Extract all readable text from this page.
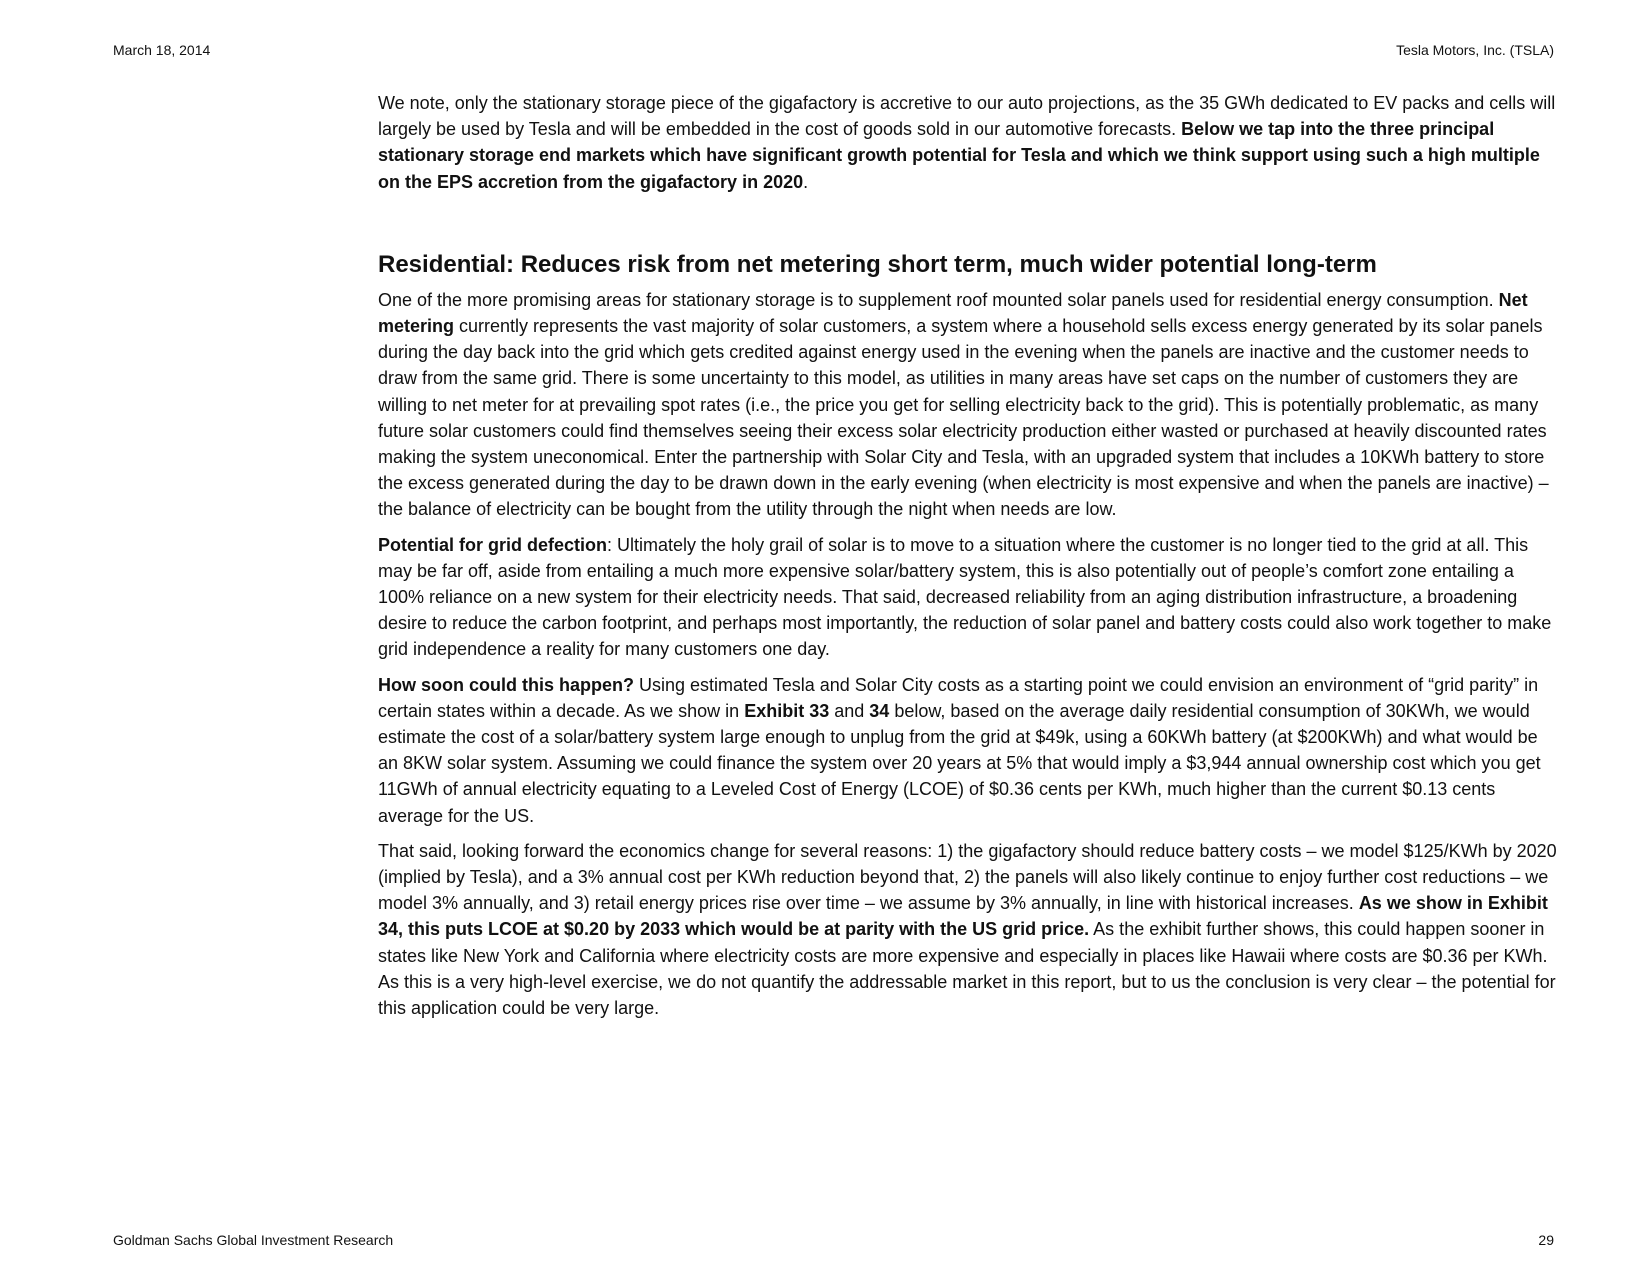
March 18, 2014	Tesla Motors, Inc. (TSLA)

We note, only the stationary storage piece of the gigafactory is accretive to our auto projections, as the 35 GWh dedicated to EV packs and cells will largely be used by Tesla and will be embedded in the cost of goods sold in our automotive forecasts. Below we tap into the three principal stationary storage end markets which have significant growth potential for Tesla and which we think support using such a high multiple on the EPS accretion from the gigafactory in 2020.

Residential: Reduces risk from net metering short term, much wider potential long-term

One of the more promising areas for stationary storage is to supplement roof mounted solar panels used for residential energy consumption. Net metering currently represents the vast majority of solar customers, a system where a household sells excess energy generated by its solar panels during the day back into the grid which gets credited against energy used in the evening when the panels are inactive and the customer needs to draw from the same grid. There is some uncertainty to this model, as utilities in many areas have set caps on the number of customers they are willing to net meter for at prevailing spot rates (i.e., the price you get for selling electricity back to the grid). This is potentially problematic, as many future solar customers could find themselves seeing their excess solar electricity production either wasted or purchased at heavily discounted rates making the system uneconomical. Enter the partnership with Solar City and Tesla, with an upgraded system that includes a 10KWh battery to store the excess generated during the day to be drawn down in the early evening (when electricity is most expensive and when the panels are inactive) – the balance of electricity can be bought from the utility through the night when needs are low.

Potential for grid defection: Ultimately the holy grail of solar is to move to a situation where the customer is no longer tied to the grid at all. This may be far off, aside from entailing a much more expensive solar/battery system, this is also potentially out of people’s comfort zone entailing a 100% reliance on a new system for their electricity needs. That said, decreased reliability from an aging distribution infrastructure, a broadening desire to reduce the carbon footprint, and perhaps most importantly, the reduction of solar panel and battery costs could also work together to make grid independence a reality for many customers one day.

How soon could this happen? Using estimated Tesla and Solar City costs as a starting point we could envision an environment of “grid parity” in certain states within a decade. As we show in Exhibit 33 and 34 below, based on the average daily residential consumption of 30KWh, we would estimate the cost of a solar/battery system large enough to unplug from the grid at $49k, using a 60KWh battery (at $200KWh) and what would be an 8KW solar system. Assuming we could finance the system over 20 years at 5% that would imply a $3,944 annual ownership cost which you get 11GWh of annual electricity equating to a Leveled Cost of Energy (LCOE) of $0.36 cents per KWh, much higher than the current $0.13 cents average for the US.

That said, looking forward the economics change for several reasons: 1) the gigafactory should reduce battery costs – we model $125/KWh by 2020 (implied by Tesla), and a 3% annual cost per KWh reduction beyond that, 2) the panels will also likely continue to enjoy further cost reductions – we model 3% annually, and 3) retail energy prices rise over time – we assume by 3% annually, in line with historical increases. As we show in Exhibit 34, this puts LCOE at $0.20 by 2033 which would be at parity with the US grid price. As the exhibit further shows, this could happen sooner in states like New York and California where electricity costs are more expensive and especially in places like Hawaii where costs are $0.36 per KWh. As this is a very high-level exercise, we do not quantify the addressable market in this report, but to us the conclusion is very clear – the potential for this application could be very large.

Goldman Sachs Global Investment Research	29
